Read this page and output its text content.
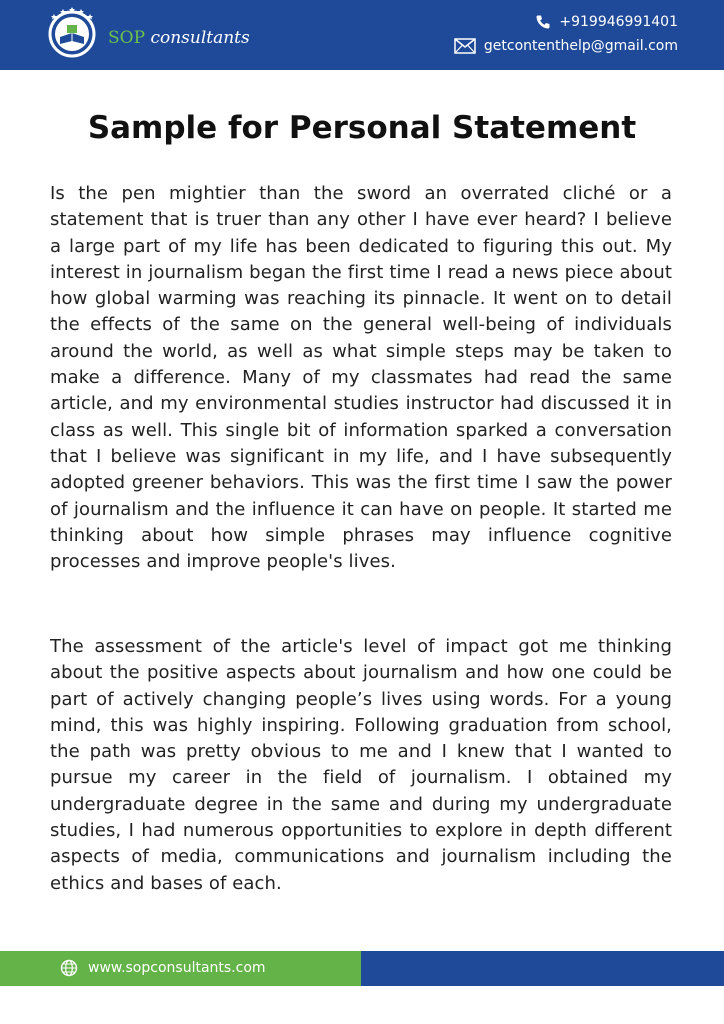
SOP consultants
+919946991401
getcontenthelp@gmail.com
Sample for Personal Statement

Is the pen mightier than the sword an overrated cliché or a statement that is truer than any other I have ever heard? I believe a large part of my life has been dedicated to figuring this out. My interest in journalism began the first time I read a news piece about how global warming was reaching its pinnacle. It went on to detail the effects of the same on the general well-being of individuals around the world, as well as what simple steps may be taken to make a difference. Many of my classmates had read the same article, and my environmental studies instructor had discussed it in class as well. This single bit of information sparked a conversation that I believe was significant in my life, and I have subsequently adopted greener behaviors. This was the first time I saw the power of journalism and the influence it can have on people. It started me thinking about how simple phrases may influence cognitive processes and improve people's lives.

The assessment of the article's level of impact got me thinking about the positive aspects about journalism and how one could be part of actively changing people’s lives using words. For a young mind, this was highly inspiring. Following graduation from school, the path was pretty obvious to me and I knew that I wanted to pursue my career in the field of journalism. I obtained my undergraduate degree in the same and during my undergraduate studies, I had numerous opportunities to explore in depth different aspects of media, communications and journalism including the ethics and bases of each.

www.sopconsultants.com
